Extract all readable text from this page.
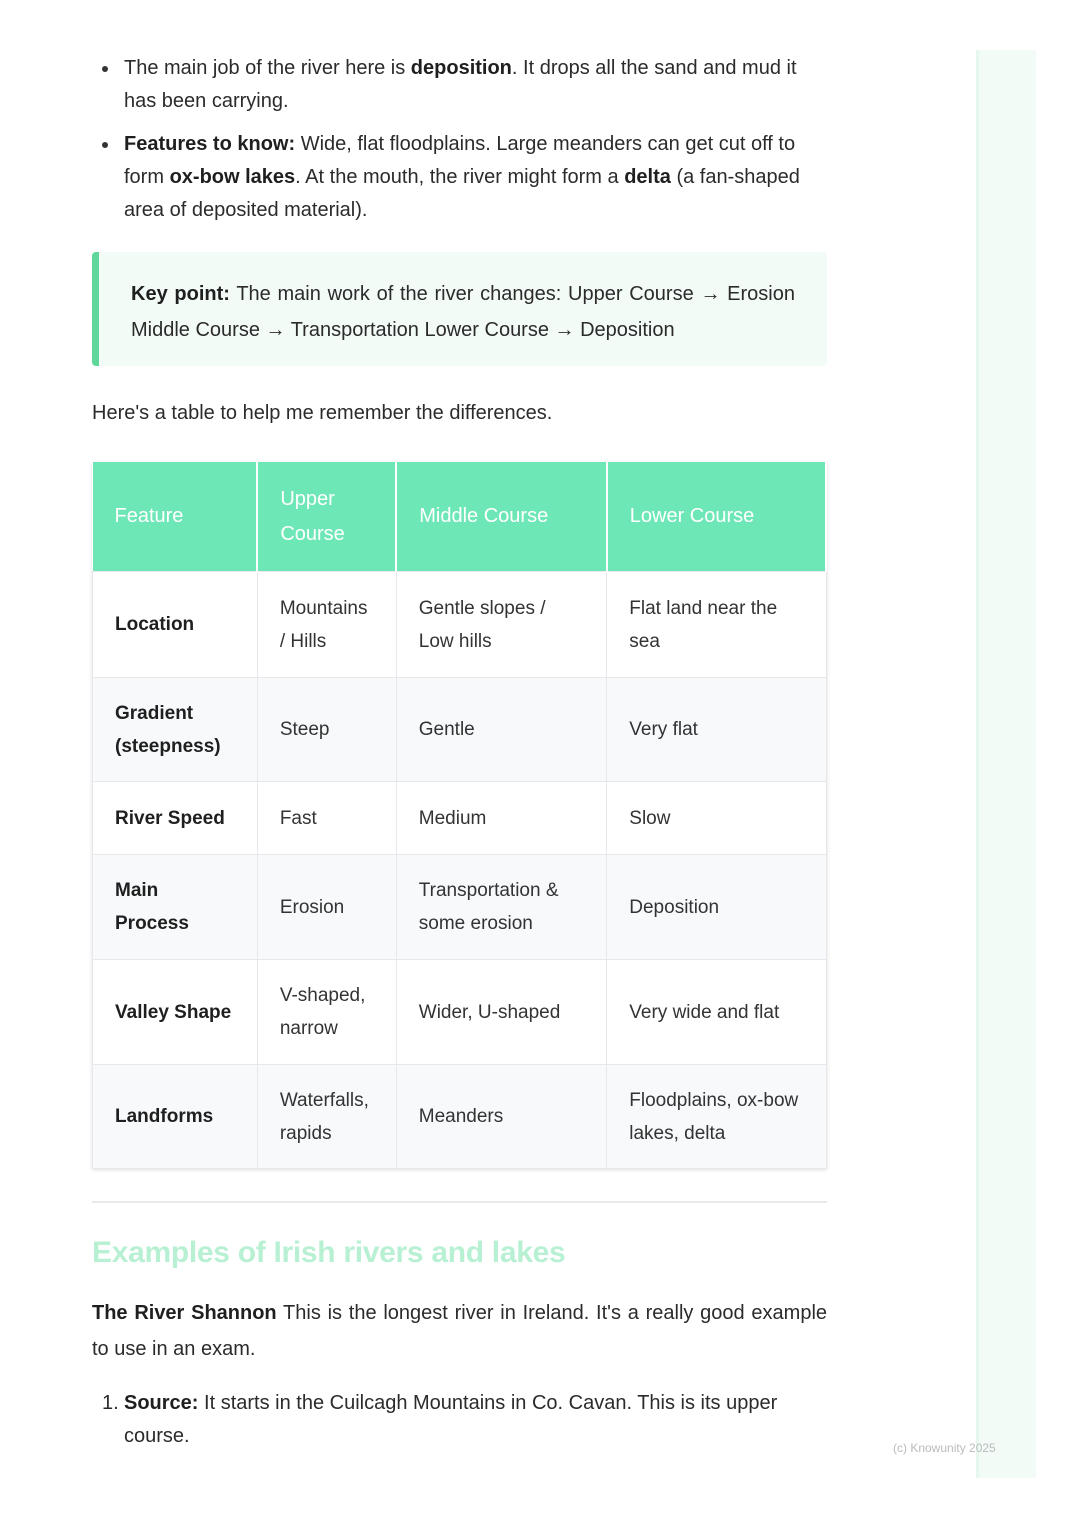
(c) Knowunity 2025
The main job of the river here is deposition. It drops all the sand and mud it has been carrying.
Features to know: Wide, flat floodplains. Large meanders can get cut off to form ox-bow lakes. At the mouth, the river might form a delta (a fan-shaped area of deposited material).

Key point: The main work of the river changes: Upper Course → Erosion Middle Course → Transportation Lower Course → Deposition

Here's a table to help me remember the differences.

Feature	Upper Course	Middle Course	Lower Course
Location	Mountains / Hills	Gentle slopes / Low hills	Flat land near the sea
Gradient (steepness)	Steep	Gentle	Very flat
River Speed	Fast	Medium	Slow
Main Process	Erosion	Transportation & some erosion	Deposition
Valley Shape	V-shaped, narrow	Wider, U-shaped	Very wide and flat
Landforms	Waterfalls, rapids	Meanders	Floodplains, ox-bow lakes, delta
Examples of Irish rivers and lakes

The River Shannon This is the longest river in Ireland. It's a really good example to use in an exam.

1. Source: It starts in the Cuilcagh Mountains in Co. Cavan. This is its upper course.
